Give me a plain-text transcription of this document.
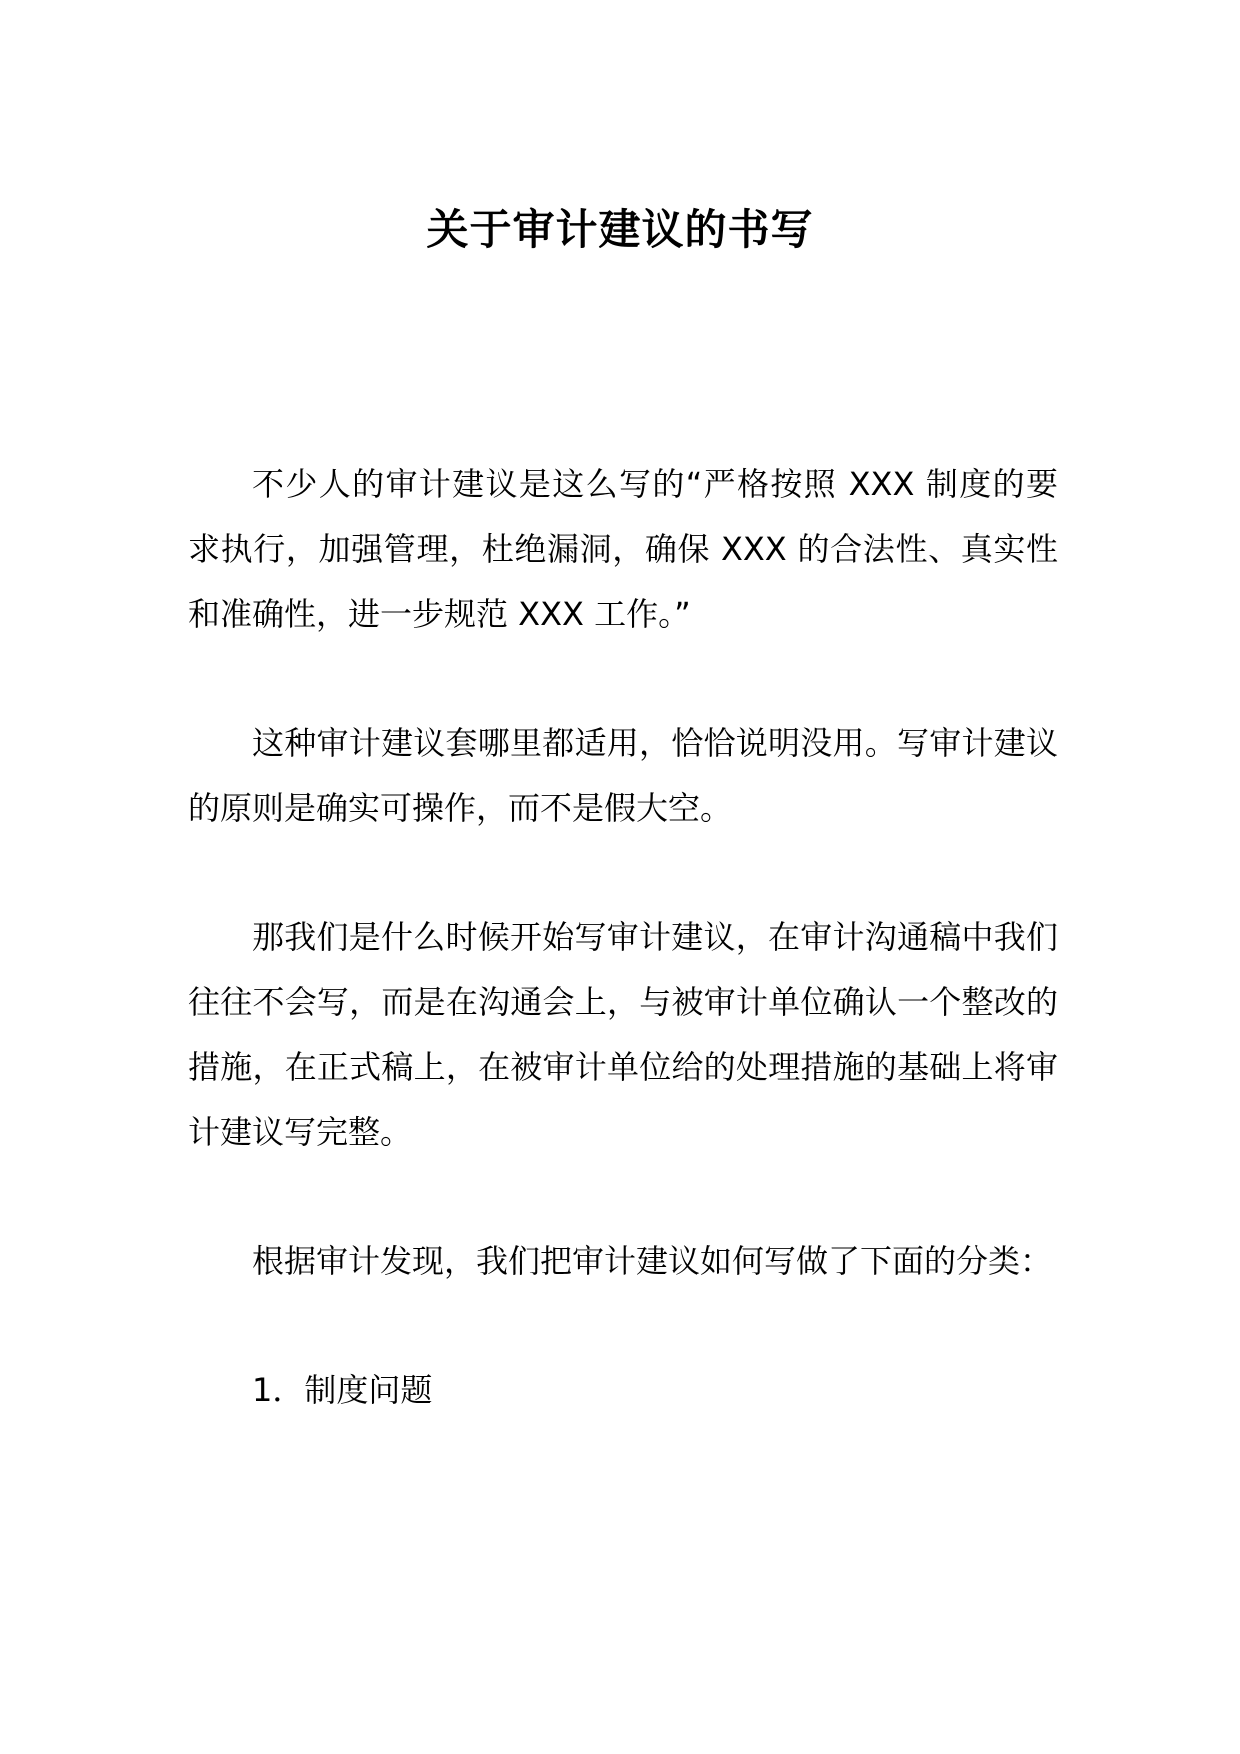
关于审计建议的书写

不少人的审计建议是这么写的“严格按照 XXX 制度的要求执行，加强管理，杜绝漏洞，确保 XXX 的合法性、真实性和准确性，进一步规范 XXX 工作。”

这种审计建议套哪里都适用，恰恰说明没用。写审计建议的原则是确实可操作，而不是假大空。

那我们是什么时候开始写审计建议，在审计沟通稿中我们往往不会写，而是在沟通会上，与被审计单位确认一个整改的措施，在正式稿上，在被审计单位给的处理措施的基础上将审计建议写完整。

根据审计发现，我们把审计建议如何写做了下面的分类：

1．制度问题
